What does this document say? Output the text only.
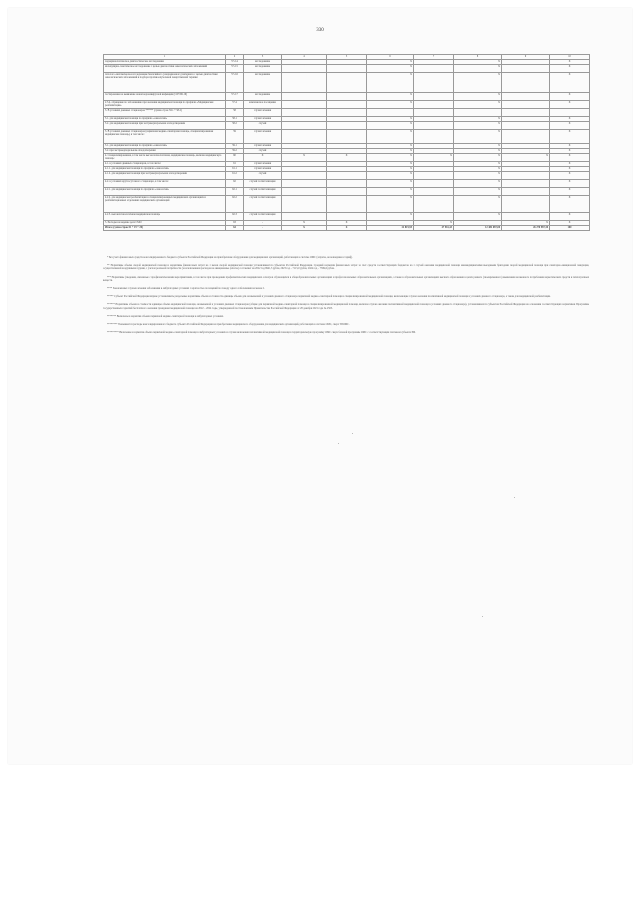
330
1	2	3	4	5	6	7	8	9	10
эндокринологическое диагностическое исследование	57.2.4	исследование			X		X		X
молекулярно-генетическое исследование с целью диагностики онкологических заболеваний	57.2.5	исследование			X		X		X
патолого-анатомическое исследование биопсийного (операционного) материала с целью диагностики онкологических заболеваний и подбора противоопухолевой лекарственной терапии	57.2.6	исследование			X		X		X
тестирование на выявление новой коронавирусной инфекции (COVID-19)	57.2.7	исследование			X		X		X
2.3.4. обращение по заболеванию при оказании медицинской помощи по профилю «Медицинская реабилитация»	57.4	комплексное посещение			X		X		X
3. В условиях дневных стационаров ****** (сумма строк 58.1 + 58.2)	58	случай лечения							
3.1. для медицинской помощи по профилю «онкология»	58.1	случай лечения			X		X		X
3.2. для медицинской помощи при экстракорпоральном оплодотворении	58.2	случай			X		X		X
3. В условиях дневных стационаров (первичная медико-санитарная помощь, специализированная медицинская помощь), в том числе:	59	случай лечения			X		X		X
3.1. для медицинской помощи по профилю «онкология»	59.1	случай лечения			X		X		X
3.2. при экстракорпоральном оплодотворении	59.2	случай			X		X		X
4. Специализированная, в том числе высокотехнологичная, медицинская помощь, включая медицинскую помощь:	60	X	X	X	X	X	X	X	X
4.1. в условиях дневных стационаров, в том числе:	61	случай лечения			X		X		X
4.1.1. для медицинской помощи по профилю «онкология»	61.1	случай лечения			X		X		X
4.1.2. для медицинской помощи при экстракорпоральном оплодотворении	61.2	случай			X		X		X
4.2. в условиях круглосуточного стационара, в том числе:	62	случай госпитализации			X		X		X
4.2.1. для медицинской помощи по профилю «онкология»	62.1	случай госпитализации			X		X		X
4.2.2. для медицинской реабилитации в специализированных медицинских организациях и реабилитационных отделениях медицинских организаций	62.2	случай госпитализации			X		X		X
4.2.3. высокотехнологичная медицинская помощь	62.3	случай госпитализации			X		X		X
5. Расходы на ведение дела СМО	63	-	X	X		X		X	X
Итого (сумма строк 01 + 19 + 20)	64	-	X	X	22 819,95	47 916,43	12 482 087,00	26 270 987,30	100

* Без учета финансовых средств консолидированного бюджета субъекта Российской Федерации на приобретение оборудования для медицинских организаций, работающих в системе ОМС (затраты, не вошедшие в тариф).

** Нормативы объема скорой медицинской помощи и нормативы финансовых затрат на 1 вызов скорой медицинской помощи устанавливаются субъектом Российской Федерации. Средний норматив финансовых затрат за счет средств соответствующих бюджетов на 1 случай оказания медицинской помощи авиамедицинскими выездными бригадами скорой медицинской помощи при санитарно-авиационной эвакуации, осуществляемой воздушными судами, с учетом реальной потребности (за исключением расходов на авиационные работы) составляет на 2022 год 6941,3 рубля, 2023 год – 7115,0 рубля, 2024 год – 7399,6 рубля.

*** Нормативы (сведения, связанные с профилактическими мероприятиями, в том числе при проведении профилактических медицинских осмотров обучающихся в общеобразовательных организациях и профессиональных образовательных организациях, а также в образовательных организациях высшего образования в целях раннего (своевременного) выявления незаконного потребления наркотических средств и психотропных веществ.

**** Законченных случаев лечения заболевания в амбулаторных условиях с кратностью посещений по поводу одного заболевания не менее 2.

***** Субъект Российской Федерации вправе устанавливать раздельные нормативы объема и стоимости единицы объема для оказываемой в условиях дневного стационара первичной медико-санитарной помощи и специализированной медицинской помощи, включающие случаи оказания паллиативной медицинской помощи в условиях дневного стационара, а также для медицинской реабилитации.

****** Нормативы объема и стоимости единицы объема медицинской помощи, оказываемой в условиях дневных стационаров (общие для первичной медико-санитарной помощи и специализированной медицинской помощи, включая случаи оказания паллиативной медицинской помощи в условиях дневного стационара), устанавливаются субъектом Российской Федерации на основании соответствующих нормативов Программы государственных гарантий бесплатного оказания гражданам медицинской помощи на 2022 – 2024 годы, утвержденной постановлением Правительства Российской Федерации от 28 декабря 2021 года № 2505.

******* Включены в норматив объема первичной медико-санитарной помощи в амбулаторных условиях.

******** Указываются расходы консолидированного бюджета субъекта Российской Федерации на приобретение медицинского оборудования для медицинских организаций, работающих в системе ОМС, сверх ТПОМС.

********* Включены в норматив объема первичной медико-санитарной помощи в амбулаторных условиях и случаи включения паллиативной медицинской помощи в территориальную программу ОМС сверх базовой программы ОМС с соответствующим платежом субъекта РФ.
